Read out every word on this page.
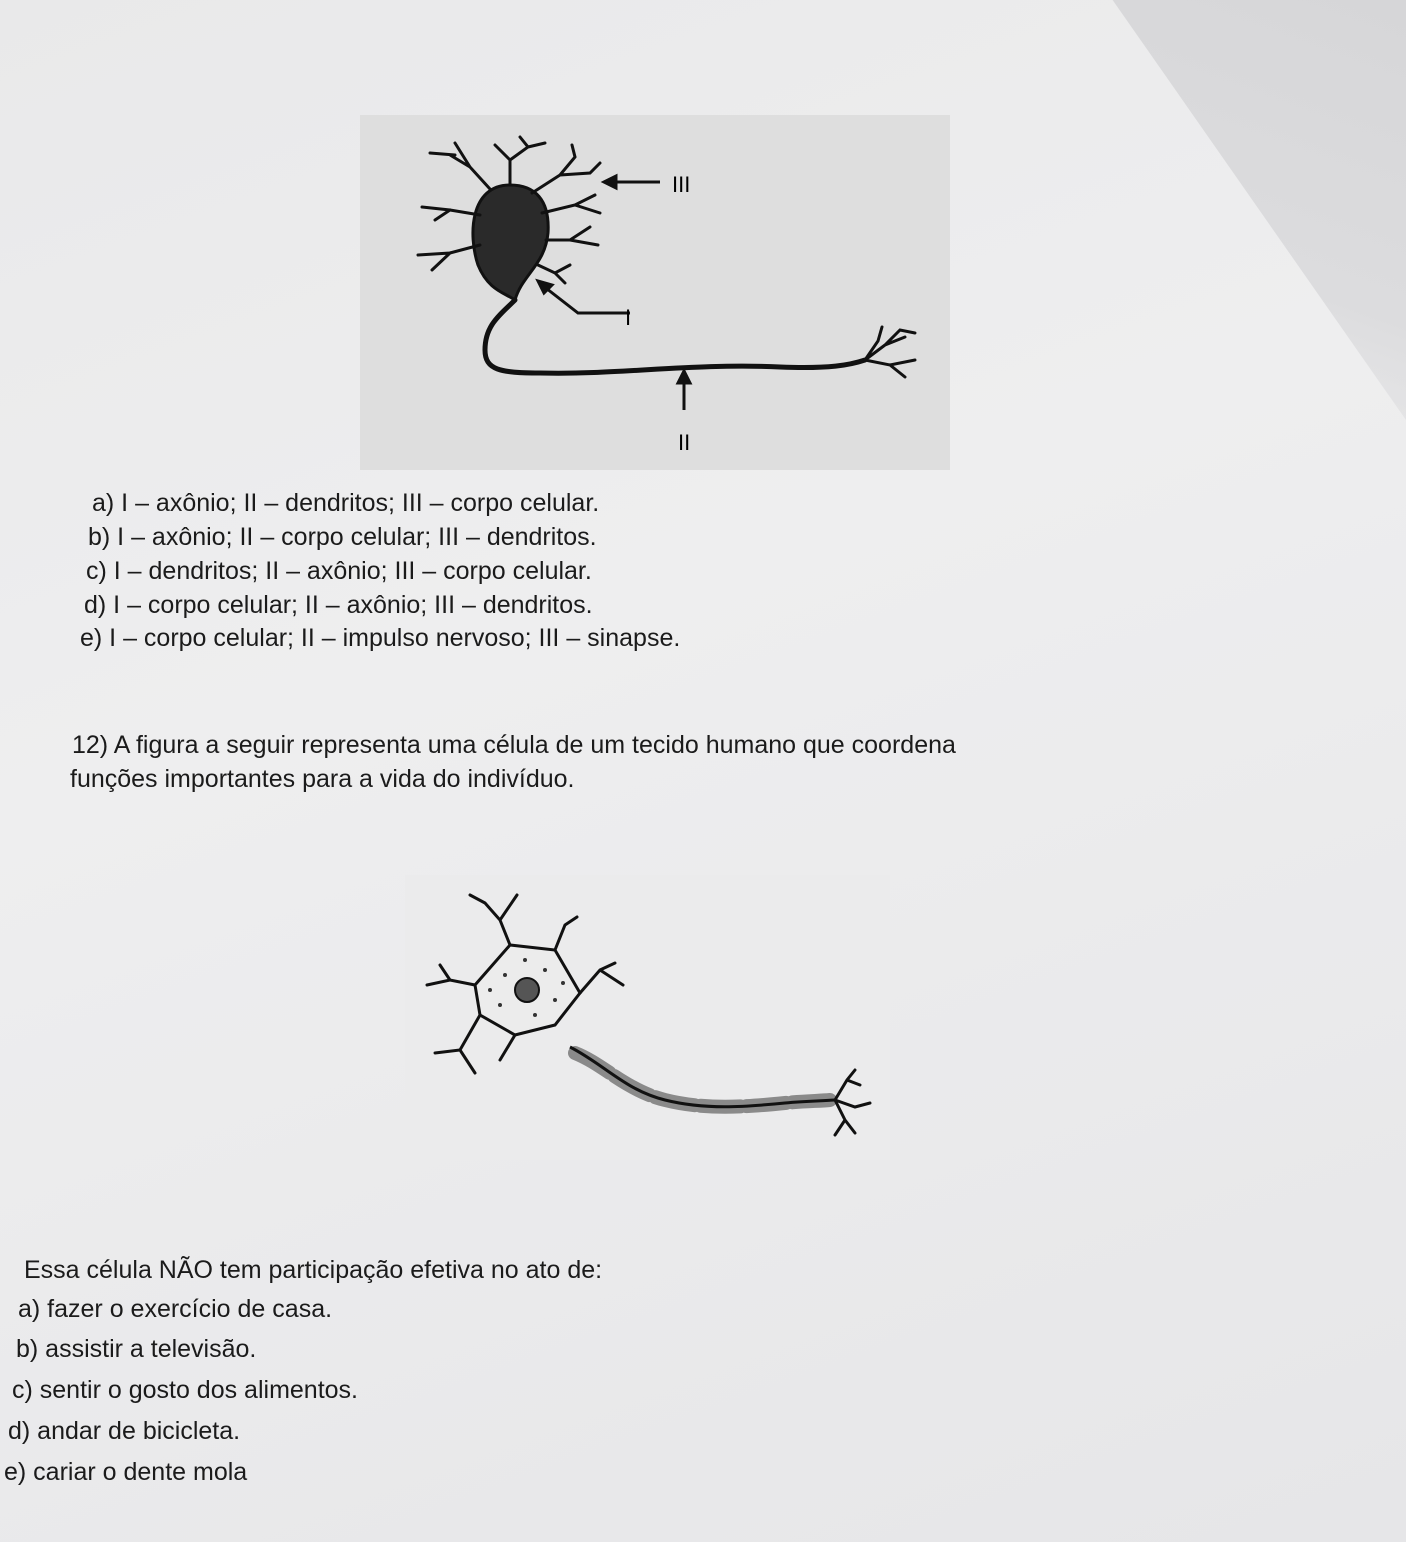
III
I
II

a) I – axônio; II – dendritos; III – corpo celular.

b) I – axônio; II – corpo celular; III – dendritos.

c) I – dendritos; II – axônio; III – corpo celular.

d) I – corpo celular; II – axônio; III – dendritos.

e) I – corpo celular; II – impulso nervoso; III – sinapse.

12) A figura a seguir representa uma célula de um tecido humano que coordena

funções importantes para a vida do indivíduo.

Essa célula NÃO tem participação efetiva no ato de:

a) fazer o exercício de casa.

b) assistir a televisão.

c) sentir o gosto dos alimentos.

d) andar de bicicleta.

e) cariar o dente mola
